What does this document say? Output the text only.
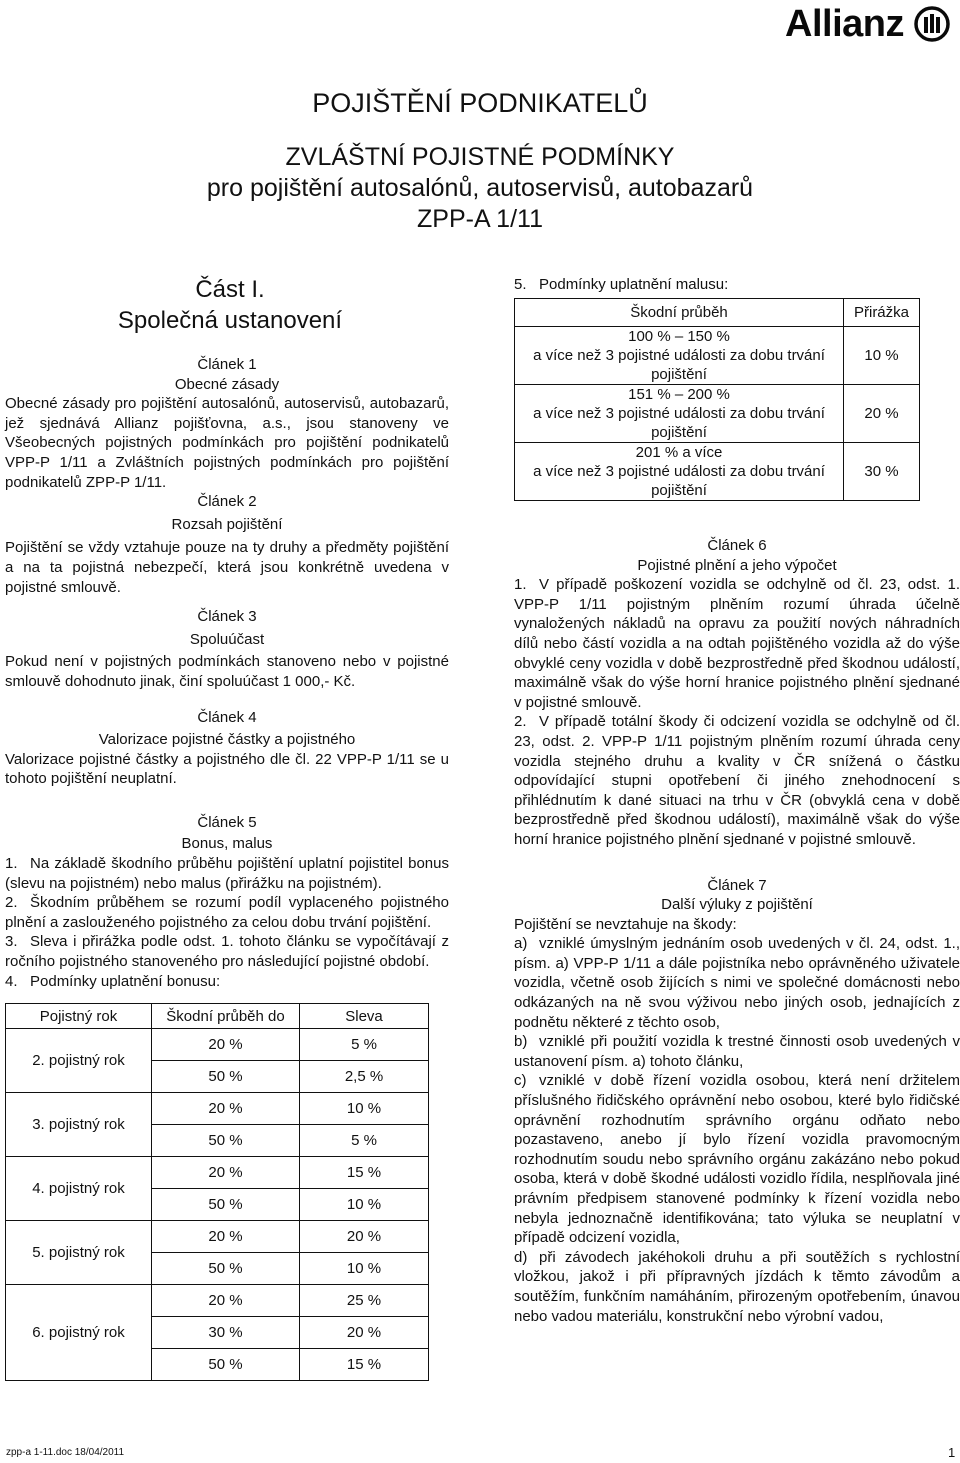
Allianz
POJIŠTĚNÍ PODNIKATELŮ
ZVLÁŠTNÍ POJISTNÉ PODMÍNKY
pro pojištění autosalónů, autoservisů, autobazarů
ZPP-A 1/11
Část I.
Společná ustanovení

Článek 1

Obecné zásady

Obecné zásady pro pojištění autosalónů, autoservisů, autobazarů, jež sjednává Allianz pojišťovna, a.s., jsou stanoveny ve Všeobecných pojistných podmínkách pro pojištění podnikatelů VPP-P 1/11 a Zvláštních pojistných podmínkách pro pojištění podnikatelů ZPP-P 1/11.

Článek 2

Rozsah pojištění

Pojištění se vždy vztahuje pouze na ty druhy a předměty pojištění a na ta pojistná nebezpečí, která jsou konkrétně uvedena v pojistné smlouvě.

Článek 3

Spoluúčast

Pokud není v pojistných podmínkách stanoveno nebo v pojistné smlouvě dohodnuto jinak, činí spoluúčast 1 000,- Kč.

Článek 4

Valorizace pojistné částky a pojistného

Valorizace pojistné částky a pojistného dle čl. 22 VPP-P 1/11 se u tohoto pojištění neuplatní.

Článek 5

Bonus, malus

1. Na základě škodního průběhu pojištění uplatní pojistitel bonus (slevu na pojistném) nebo malus (přirážku na pojistném).

2. Škodním průběhem se rozumí podíl vyplaceného pojistného plnění a zaslouženého pojistného za celou dobu trvání pojištění.

3. Sleva i přirážka podle odst. 1. tohoto článku se vypočítávají z ročního pojistného stanoveného pro následující pojistné období.

4. Podmínky uplatnění bonusu:

Pojistný rok	Škodní průběh do	Sleva
2. pojistný rok	20 %	5 %
	50 %	2,5 %
3. pojistný rok	20 %	10 %
	50 %	5 %
4. pojistný rok	20 %	15 %
	50 %	10 %
5. pojistný rok	20 %	20 %
	50 %	10 %
6. pojistný rok	20 %	25 %
	30 %	20 %
	50 %	15 %

5. Podmínky uplatnění malusu:

Škodní průběh	Přirážka

100 % – 150 %
a více než 3 pojistné události za dobu trvání pojištění	10 %

151 % – 200 %
a více než 3 pojistné události za dobu trvání pojištění	20 %

201 % a více
a více než 3 pojistné události za dobu trvání pojištění	30 %

Článek 6

Pojistné plnění a jeho výpočet

1. V případě poškození vozidla se odchylně od čl. 23, odst. 1. VPP-P 1/11 pojistným plněním rozumí úhrada účelně vynaložených nákladů na opravu za použití nových náhradních dílů nebo částí vozidla a na odtah pojištěného vozidla až do výše obvyklé ceny vozidla v době bezprostředně před škodnou událostí, maximálně však do výše horní hranice pojistného plnění sjednané v pojistné smlouvě.

2. V případě totální škody či odcizení vozidla se odchylně od čl. 23, odst. 2. VPP-P 1/11 pojistným plněním rozumí úhrada ceny vozidla stejného druhu a kvality v ČR snížená o částku odpovídající stupni opotřebení či jiného znehodnocení s přihlédnutím k dané situaci na trhu v ČR (obvyklá cena v době bezprostředně před škodnou událostí), maximálně však do výše horní hranice pojistného plnění sjednané v pojistné smlouvě.

Článek 7

Další výluky z pojištění

Pojištění se nevztahuje na škody:

a) vzniklé úmyslným jednáním osob uvedených v čl. 24, odst. 1., písm. a) VPP-P 1/11 a dále pojistníka nebo oprávněného uživatele vozidla, včetně osob žijících s nimi ve společné domácnosti nebo odkázaných na ně svou výživou nebo jiných osob, jednajících z podnětu některé z těchto osob,

b) vzniklé při použití vozidla k trestné činnosti osob uvedených v ustanovení písm. a) tohoto článku,

c) vzniklé v době řízení vozidla osobou, která není držitelem příslušného řidičského oprávnění nebo osobou, které bylo řidičské oprávnění rozhodnutím správního orgánu odňato nebo pozastaveno, anebo jí bylo řízení vozidla pravomocným rozhodnutím soudu nebo správního orgánu zakázáno nebo pokud osoba, která v době škodné události vozidlo řídila, nesplňovala jiné právním předpisem stanovené podmínky k řízení vozidla nebo nebyla jednoznačně identifikována; tato výluka se neuplatní v případě odcizení vozidla,

d) při závodech jakéhokoli druhu a při soutěžích s rychlostní vložkou, jakož i při přípravných jízdách k těmto závodům a soutěžím, funkčním namáháním, přirozeným opotřebením, únavou nebo vadou materiálu, konstrukční nebo výrobní vadou,

zpp-a 1-11.doc 18/04/2011	1
